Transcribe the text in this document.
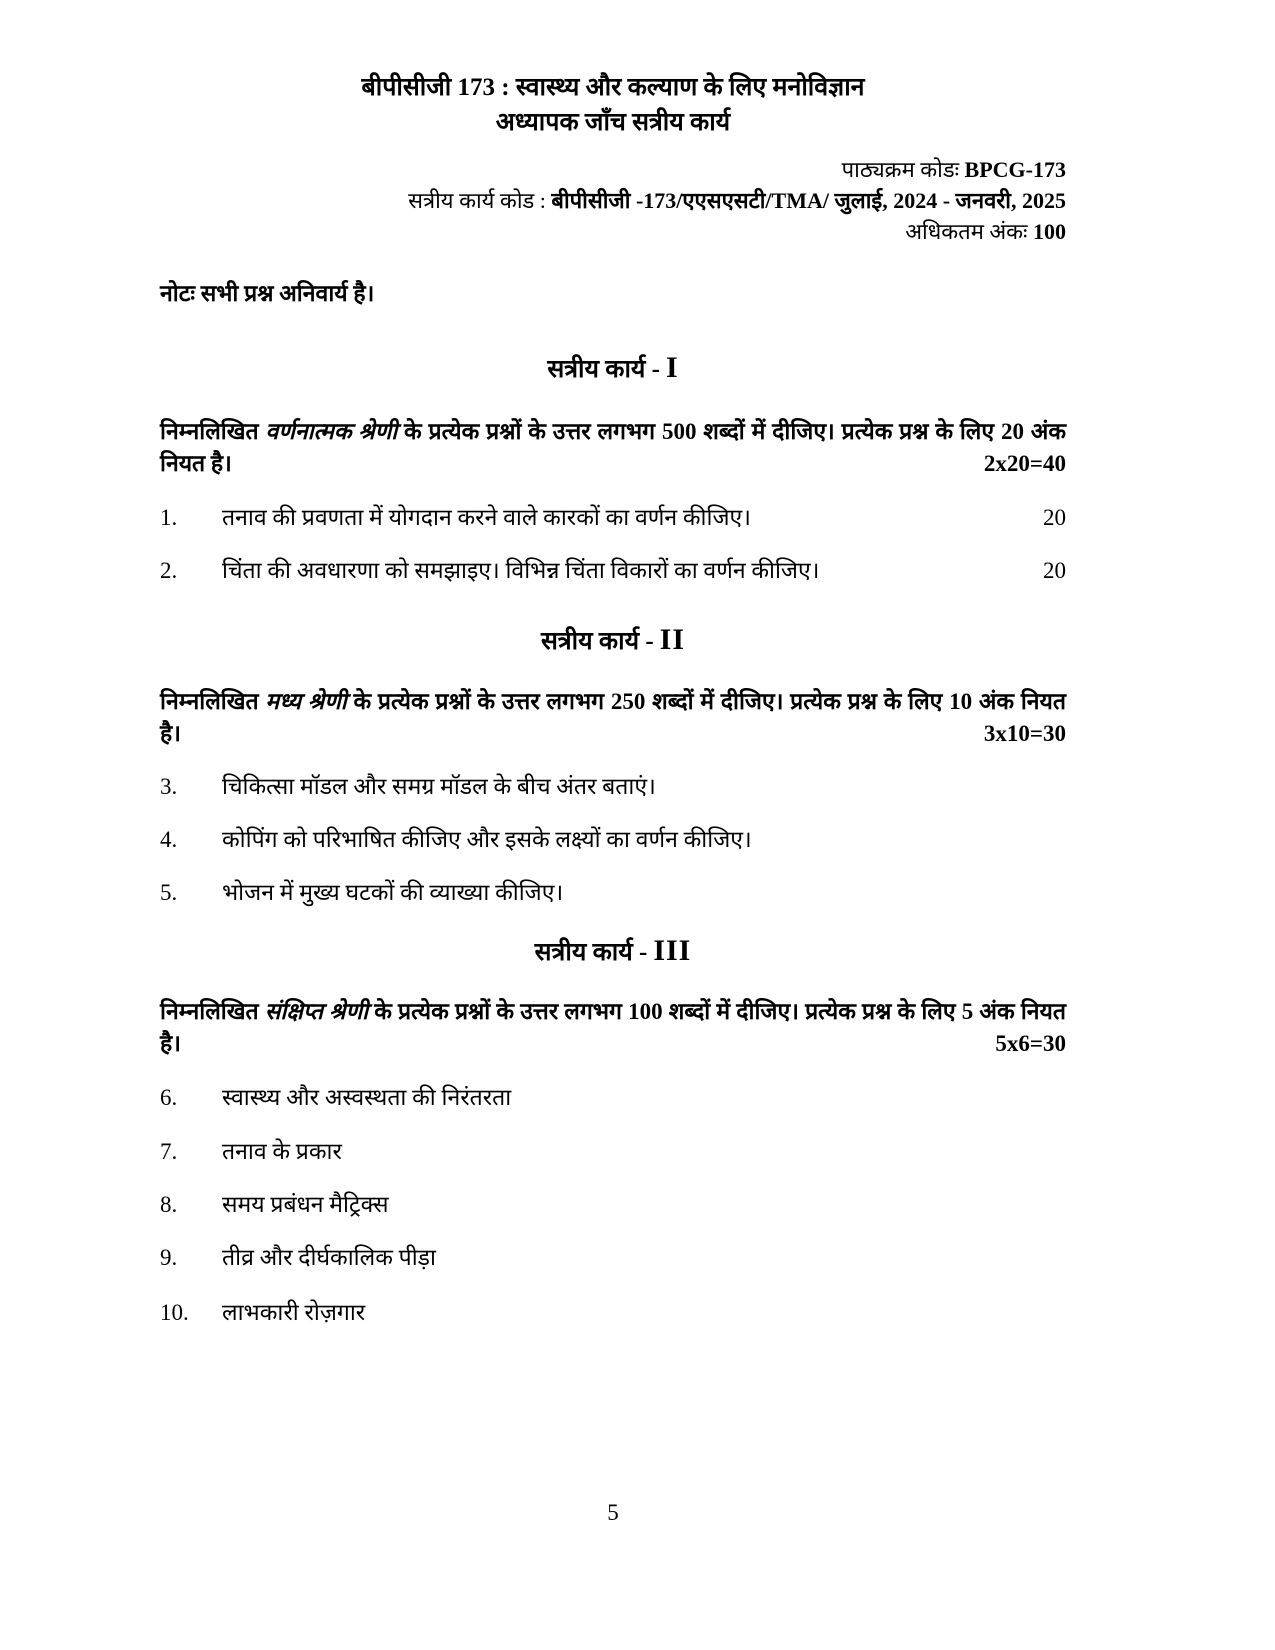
बीपीसीजी 173 : स्वास्थ्य और कल्याण के लिए मनोविज्ञान
अध्यापक जाँच सत्रीय कार्य
पाठ्यक्रम कोडः BPCG-173
सत्रीय कार्य कोड : बीपीसीजी -173/एएसएसटी/TMA/ जुलाई, 2024 - जनवरी, 2025
अधिकतम अंकः 100
नोटः सभी प्रश्न अनिवार्य है।
सत्रीय कार्य - I
निम्नलिखित वर्णनात्मक श्रेणी के प्रत्येक प्रश्नों के उत्तर लगभग 500 शब्दों में दीजिए। प्रत्येक प्रश्न के लिए 20 अंक नियत है।	2x20=40
1.	तनाव की प्रवणता में योगदान करने वाले कारकों का वर्णन कीजिए।	20
2.	चिंता की अवधारणा को समझाइए। विभिन्न चिंता विकारों का वर्णन कीजिए।	20
सत्रीय कार्य - II
निम्नलिखित मध्य श्रेणी के प्रत्येक प्रश्नों के उत्तर लगभग 250 शब्दों में दीजिए। प्रत्येक प्रश्न के लिए 10 अंक नियत है।	3x10=30
3.	चिकित्सा मॉडल और समग्र मॉडल के बीच अंतर बताएं।
4.	कोपिंग को परिभाषित कीजिए और इसके लक्ष्यों का वर्णन कीजिए।
5.	भोजन में मुख्य घटकों की व्याख्या कीजिए।
सत्रीय कार्य - III
निम्नलिखित संक्षिप्त श्रेणी के प्रत्येक प्रश्नों के उत्तर लगभग 100 शब्दों में दीजिए। प्रत्येक प्रश्न के लिए 5 अंक नियत है।	5x6=30
6.	स्वास्थ्य और अस्वस्थता की निरंतरता
7.	तनाव के प्रकार
8.	समय प्रबंधन मैट्रिक्स
9.	तीव्र और दीर्घकालिक पीड़ा
10.	लाभकारी रोज़गार
5
